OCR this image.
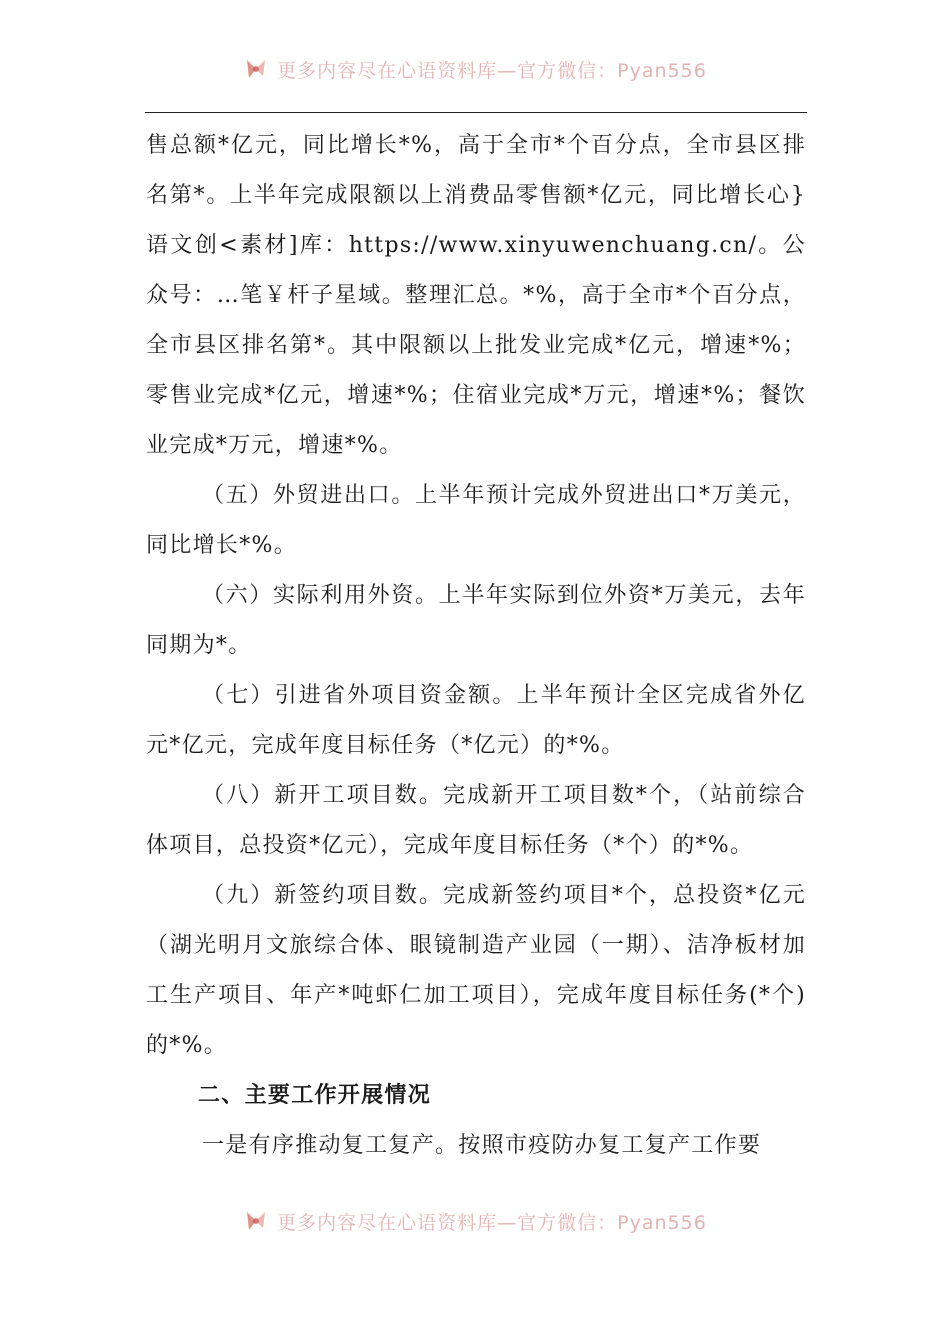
更多内容尽在心语资料库—官方微信：Pyan556

售总额*亿元，同比增长*%，高于全市*个百分点，全市县区排名第*。上半年完成限额以上消费品零售额*亿元，同比增长心}语文创<素材]库：https://www.xinyuwenchuang.cn/。公众号：…笔￥杆子星域。整理汇总。*%，高于全市*个百分点，全市县区排名第*。其中限额以上批发业完成*亿元，增速*%；零售业完成*亿元，增速*%；住宿业完成*万元，增速*%；餐饮业完成*万元，增速*%。

（五）外贸进出口。上半年预计完成外贸进出口*万美元，同比增长*%。

（六）实际利用外资。上半年实际到位外资*万美元，去年同期为*。

（七）引进省外项目资金额。上半年预计全区完成省外亿元*亿元，完成年度目标任务（*亿元）的*%。

（八）新开工项目数。完成新开工项目数*个，（站前综合体项目，总投资*亿元），完成年度目标任务（*个）的*%。

（九）新签约项目数。完成新签约项目*个，总投资*亿元（湖光明月文旅综合体、眼镜制造产业园（一期）、洁净板材加工生产项目、年产*吨虾仁加工项目），完成年度目标任务(*个)的*%。

二、主要工作开展情况

一是有序推动复工复产。按照市疫防办复工复产工作要

更多内容尽在心语资料库—官方微信：Pyan556
